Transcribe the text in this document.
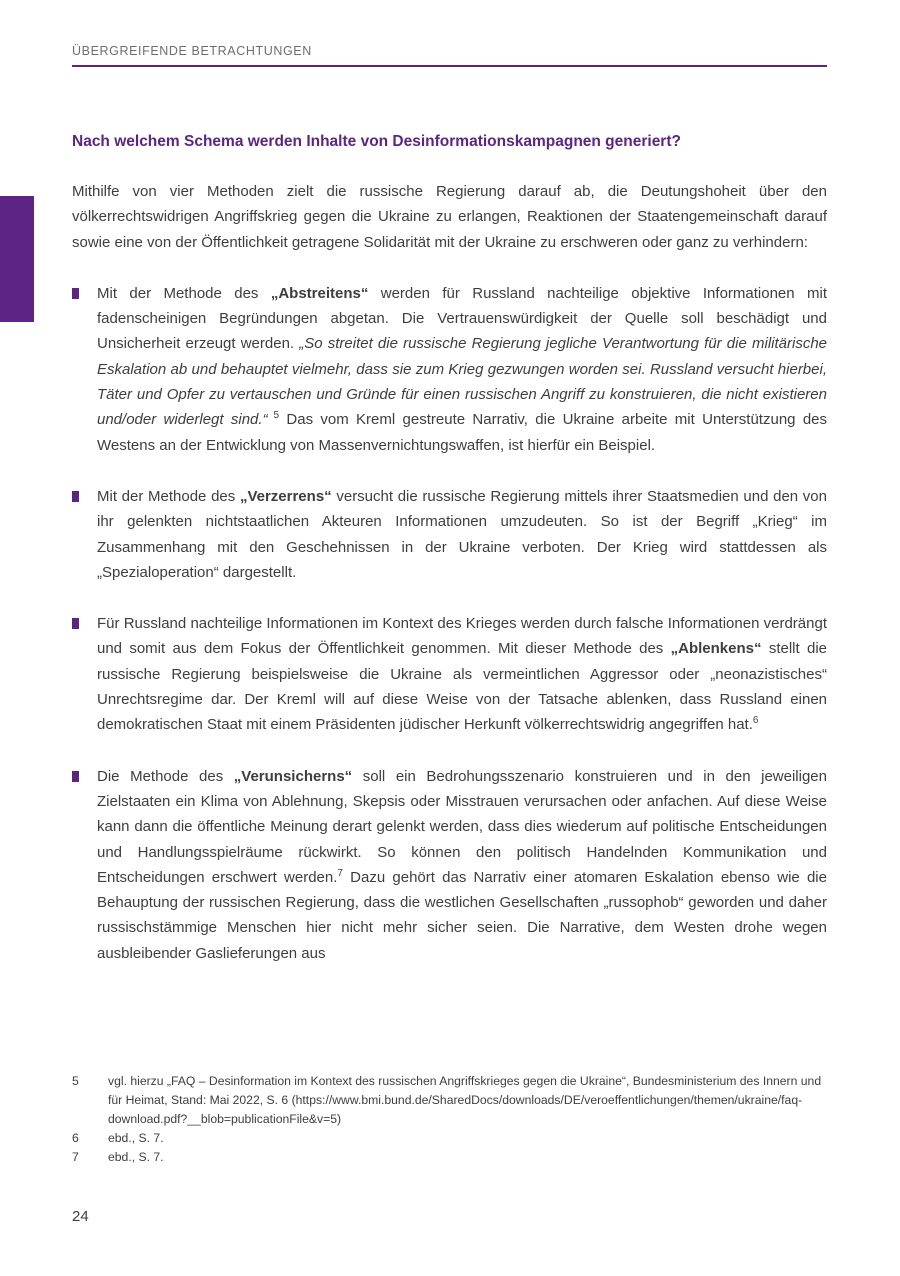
ÜBERGREIFENDE BETRACHTUNGEN
Nach welchem Schema werden Inhalte von Desinformationskampagnen generiert?

Mithilfe von vier Methoden zielt die russische Regierung darauf ab, die Deutungshoheit über den völkerrechtswidrigen Angriffskrieg gegen die Ukraine zu erlangen, Reaktionen der Staatengemeinschaft darauf sowie eine von der Öffentlichkeit getragene Solidarität mit der Ukraine zu erschweren oder ganz zu verhindern:

Mit der Methode des „Abstreitens“ werden für Russland nachteilige objektive Informationen mit fadenscheinigen Begründungen abgetan. Die Vertrauenswürdigkeit der Quelle soll beschädigt und Unsicherheit erzeugt werden. „So streitet die russische Regierung jegliche Verantwortung für die militärische Eskalation ab und behauptet vielmehr, dass sie zum Krieg gezwungen worden sei. Russland versucht hierbei, Täter und Opfer zu vertauschen und Gründe für einen russischen Angriff zu konstruieren, die nicht existieren und/oder widerlegt sind.“ $^5$ Das vom Kreml gestreute Narrativ, die Ukraine arbeite mit Unterstützung des Westens an der Entwicklung von Massenvernichtungswaffen, ist hierfür ein Beispiel.
Mit der Methode des „Verzerrens“ versucht die russische Regierung mittels ihrer Staatsmedien und den von ihr gelenkten nichtstaatlichen Akteuren Informationen umzudeuten. So ist der Begriff „Krieg“ im Zusammenhang mit den Geschehnissen in der Ukraine verboten. Der Krieg wird stattdessen als „Spezialoperation“ dargestellt.
Für Russland nachteilige Informationen im Kontext des Krieges werden durch falsche Informationen verdrängt und somit aus dem Fokus der Öffentlichkeit genommen. Mit dieser Methode des „Ablenkens“ stellt die russische Regierung beispielsweise die Ukraine als vermeintlichen Aggressor oder „neonazistisches“ Unrechtsregime dar. Der Kreml will auf diese Weise von der Tatsache ablenken, dass Russland einen demokratischen Staat mit einem Präsidenten jüdischer Herkunft völkerrechtswidrig angegriffen hat.$^6$
Die Methode des „Verunsicherns“ soll ein Bedrohungsszenario konstruieren und in den jeweiligen Zielstaaten ein Klima von Ablehnung, Skepsis oder Misstrauen verursachen oder anfachen. Auf diese Weise kann dann die öffentliche Meinung derart gelenkt werden, dass dies wiederum auf politische Entscheidungen und Handlungsspielräume rückwirkt. So können den politisch Handelnden Kommunikation und Entscheidungen erschwert werden.$^7$ Dazu gehört das Narrativ einer atomaren Eskalation ebenso wie die Behauptung der russischen Regierung, dass die westlichen Gesellschaften „russophob“ geworden und daher russischstämmige Menschen hier nicht mehr sicher seien. Die Narrative, dem Westen drohe wegen ausbleibender Gaslieferungen aus
5	vgl. hierzu „FAQ – Desinformation im Kontext des russischen Angriffskrieges gegen die Ukraine“, Bundesministerium des Innern und für Heimat, Stand: Mai 2022, S. 6 (https://www.bmi.bund.de/SharedDocs/downloads/DE/veroeffentlichungen/themen/ukraine/faq-download.pdf?__blob=publicationFile&v=5)
6	ebd., S. 7.
7	ebd., S. 7.
24
